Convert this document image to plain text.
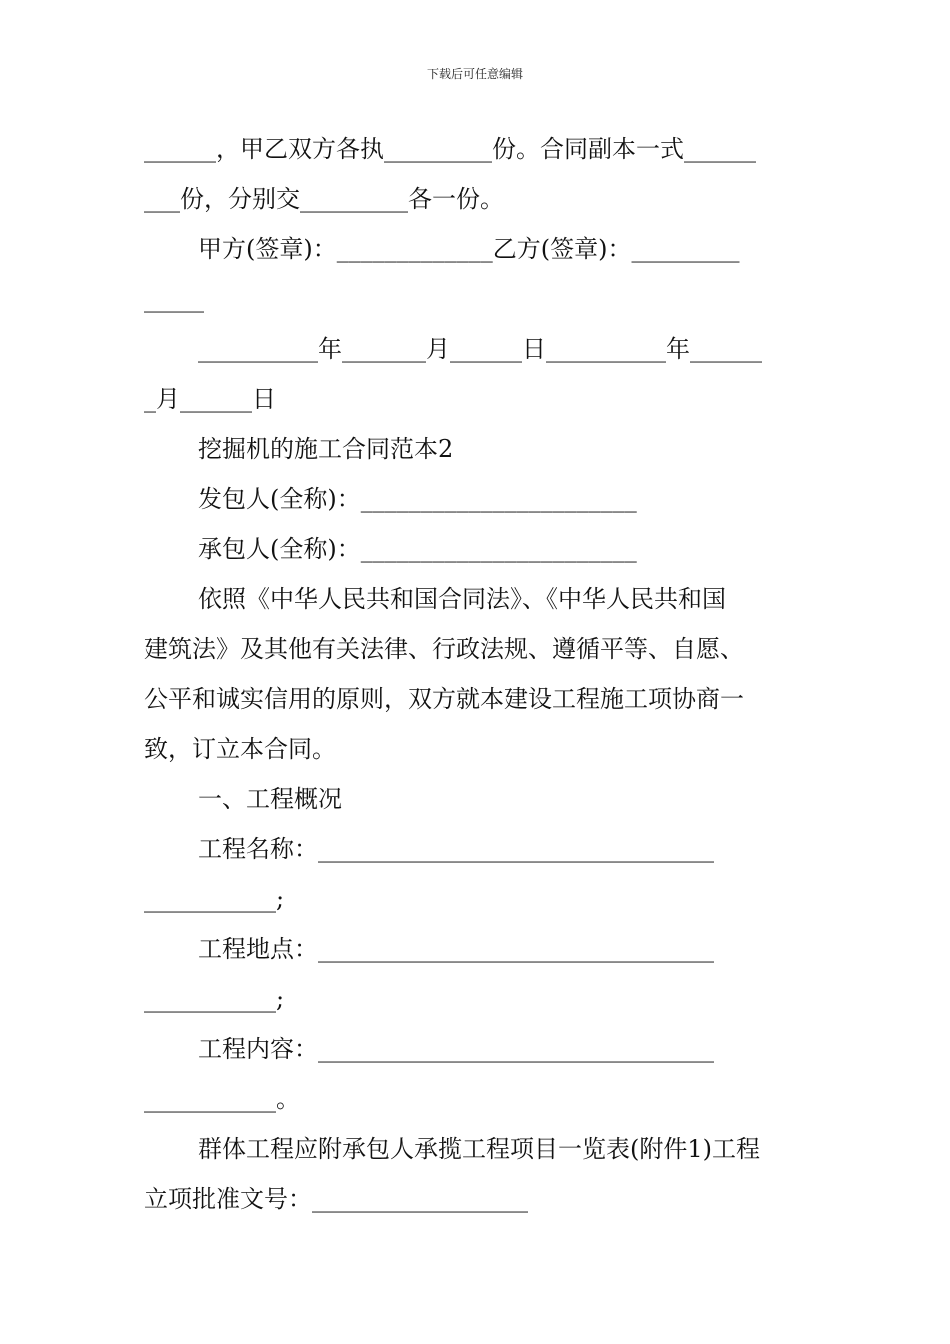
下载后可任意编辑
______，甲乙双方各执_________份。合同副本一式______
___份，分别交_________各一份。
甲方(签章)：_____________乙方(签章)：_________
_____
__________年_______月______日__________年______
_月______日
挖掘机的施工合同范本2
发包人(全称)：_______________________
承包人(全称)：_______________________
依照《中华人民共和国合同法》、《中华人民共和国
建筑法》及其他有关法律、行政法规、遵循平等、自愿、
公平和诚实信用的原则，双方就本建设工程施工项协商一
致，订立本合同。
一、工程概况
工程名称：_________________________________
___________;
工程地点：_________________________________
___________;
工程内容：_________________________________
___________。
群体工程应附承包人承揽工程项目一览表(附件1)工程
立项批准文号：__________________
